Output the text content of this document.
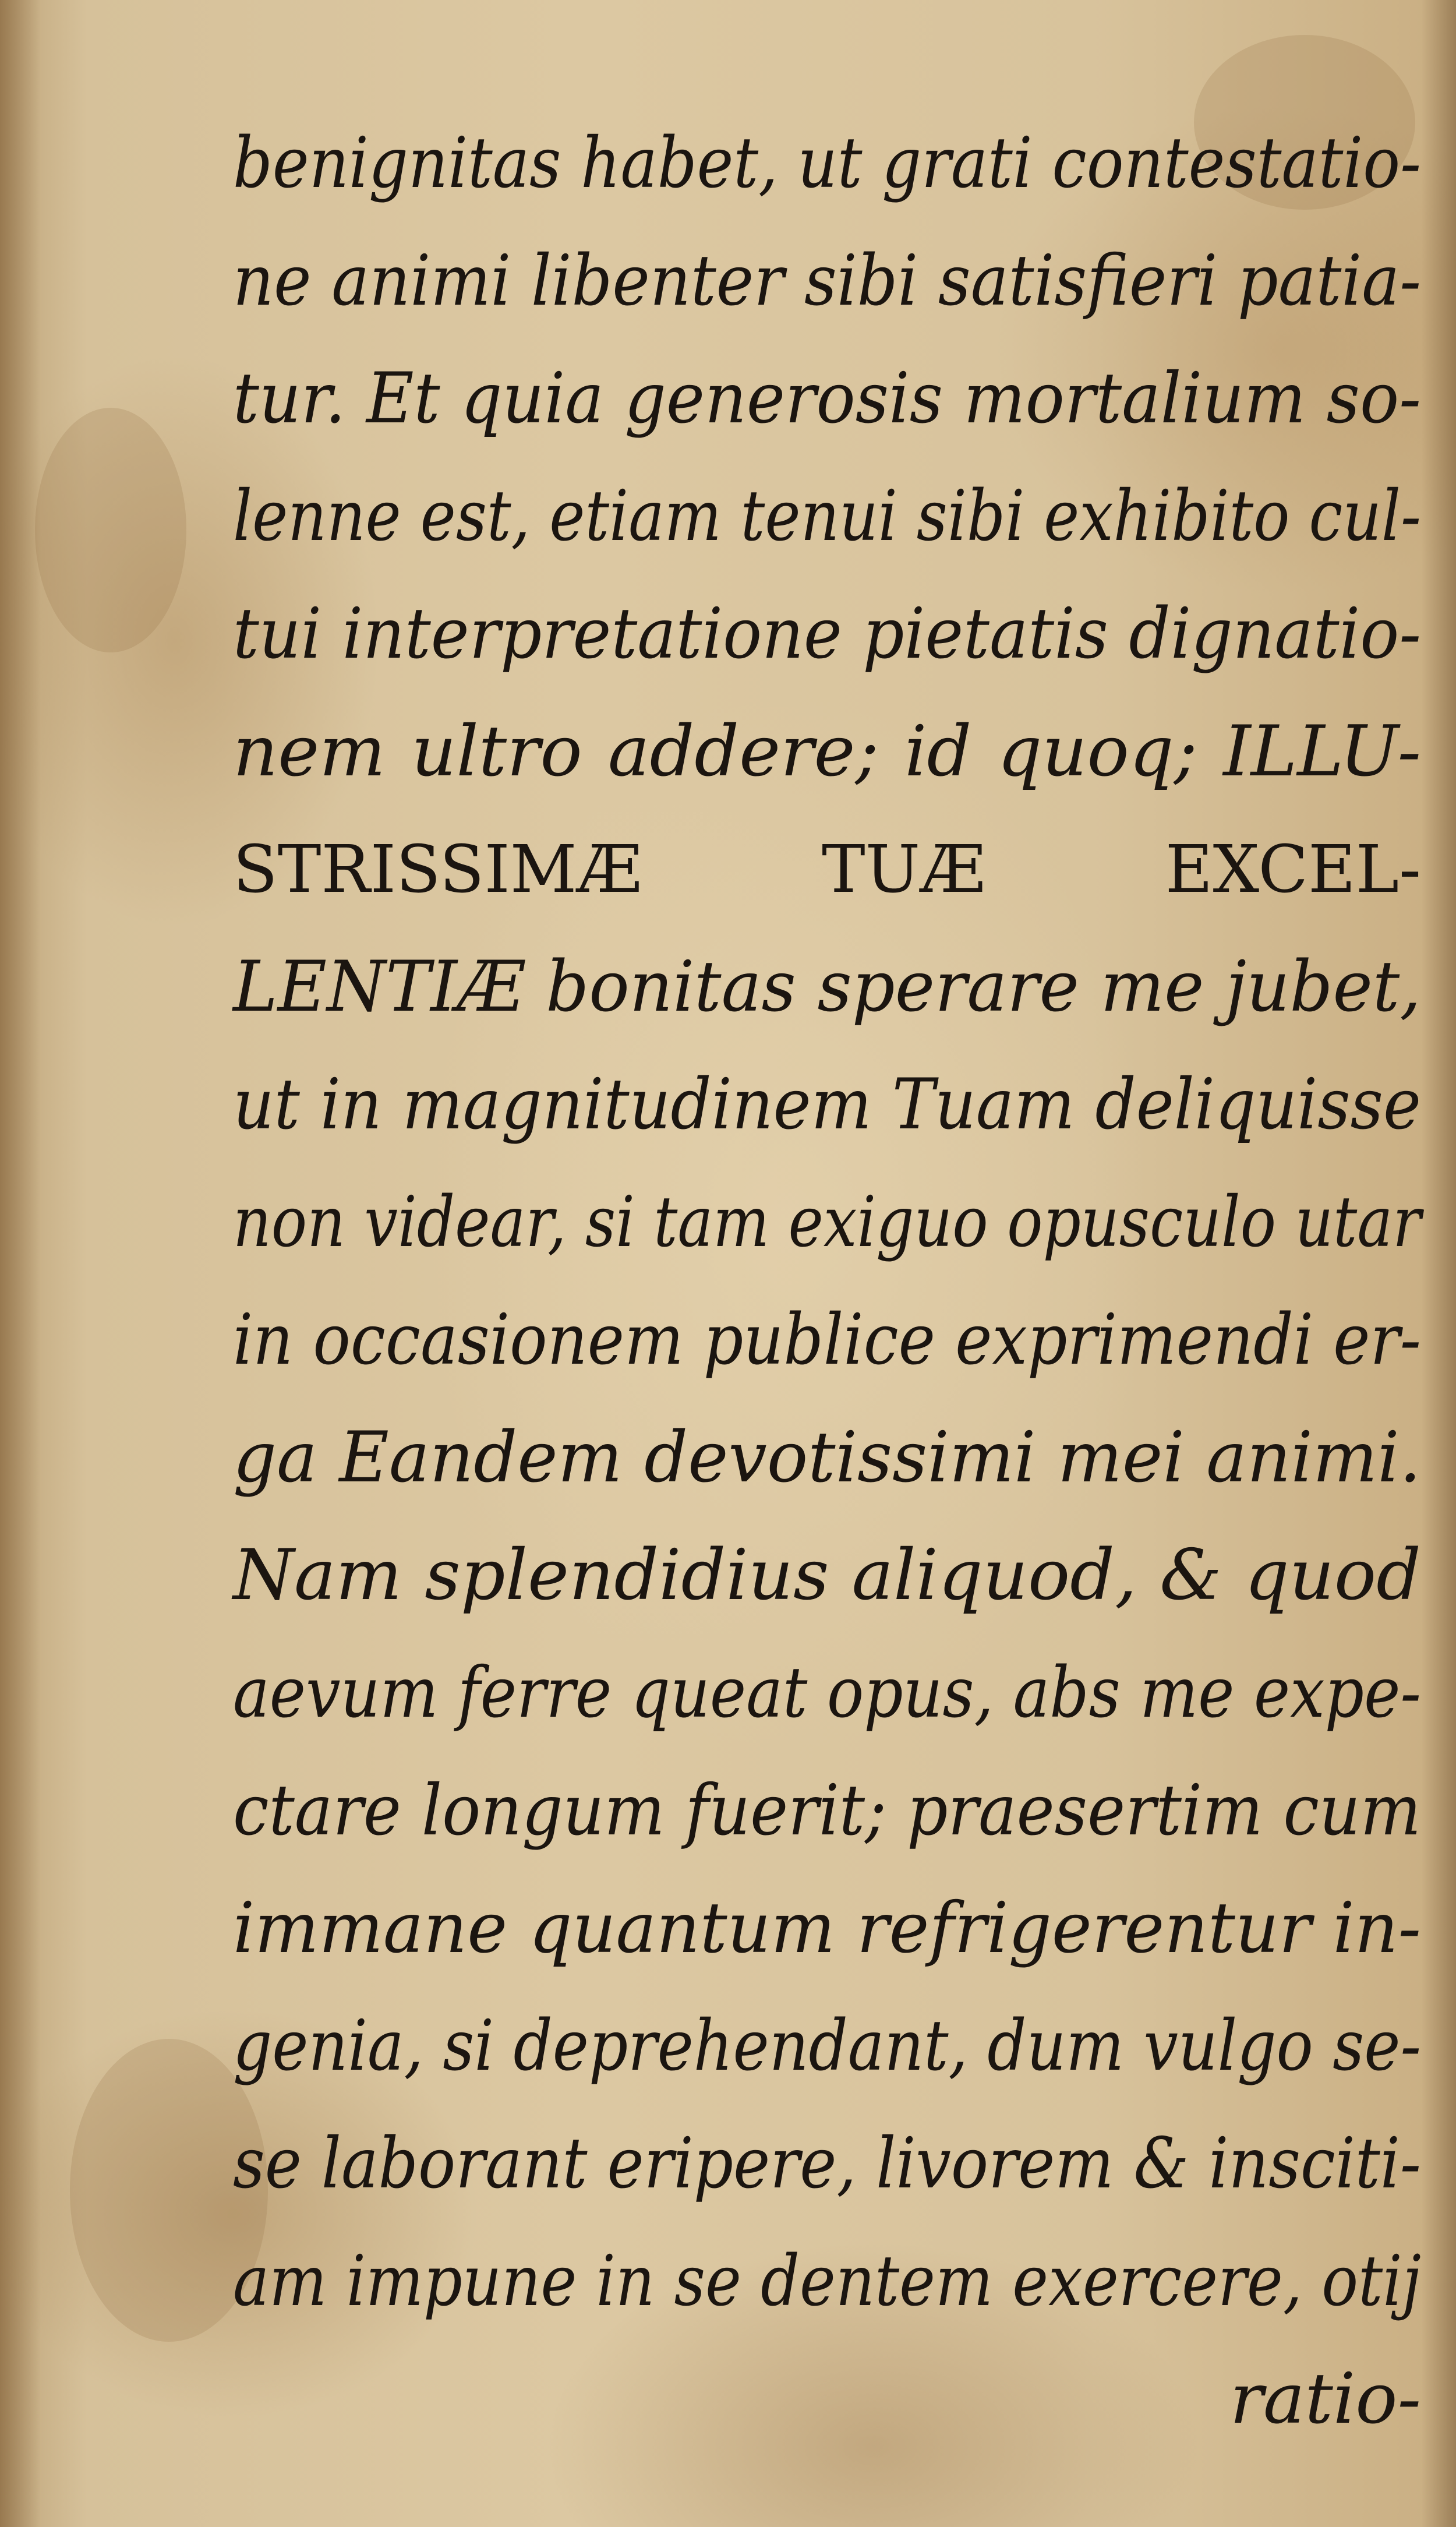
benignitas habet, ut grati contestatio-
ne animi libenter sibi satisfieri patia-
tur. Et quia generosis mortalium so-
lenne est, etiam tenui sibi exhibito cul-
tui interpretatione pietatis dignatio-
nem ultro addere; id quoq; ILLU-
STRISSIMÆ TUÆ EXCEL-
LENTIÆ bonitas sperare me jubet,
ut in magnitudinem Tuam deliquisse
non videar, si tam exiguo opusculo utar
in occasionem publice exprimendi er-
ga Eandem devotissimi mei animi.
Nam splendidius aliquod, & quod
aevum ferre queat opus, abs me expe-
ctare longum fuerit; praesertim cum
immane quantum refrigerentur in-
genia, si deprehendant, dum vulgo se-
se laborant eripere, livorem & insciti-
am impune in se dentem exercere, otij
ratio-
